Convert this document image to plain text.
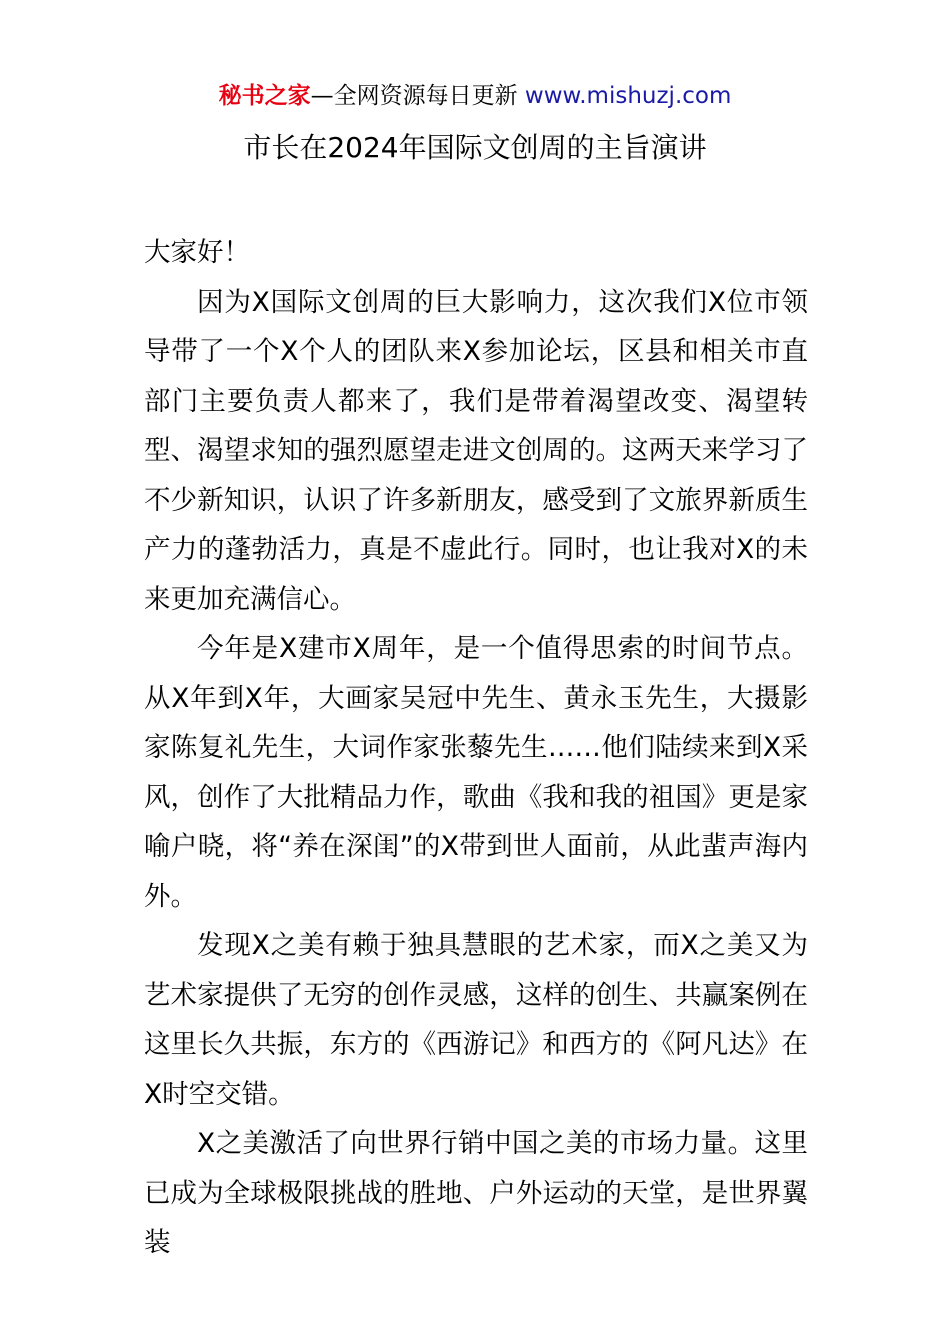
秘书之家—全网资源每日更新 www.mishuzj.com
市长在2024年国际文创周的主旨演讲

大家好！

因为X国际文创周的巨大影响力，这次我们X位市领导带了一个X个人的团队来X参加论坛，区县和相关市直部门主要负责人都来了，我们是带着渴望改变、渴望转型、渴望求知的强烈愿望走进文创周的。这两天来学习了不少新知识，认识了许多新朋友，感受到了文旅界新质生产力的蓬勃活力，真是不虚此行。同时，也让我对X的未来更加充满信心。

今年是X建市X周年，是一个值得思索的时间节点。从X年到X年，大画家吴冠中先生、黄永玉先生，大摄影家陈复礼先生，大词作家张藜先生……他们陆续来到X采风，创作了大批精品力作，歌曲《我和我的祖国》更是家喻户晓，将“养在深闺”的X带到世人面前，从此蜚声海内外。

发现X之美有赖于独具慧眼的艺术家，而X之美又为艺术家提供了无穷的创作灵感，这样的创生、共赢案例在这里长久共振，东方的《西游记》和西方的《阿凡达》在X时空交错。

X之美激活了向世界行销中国之美的市场力量。这里已成为全球极限挑战的胜地、户外运动的天堂，是世界翼装
